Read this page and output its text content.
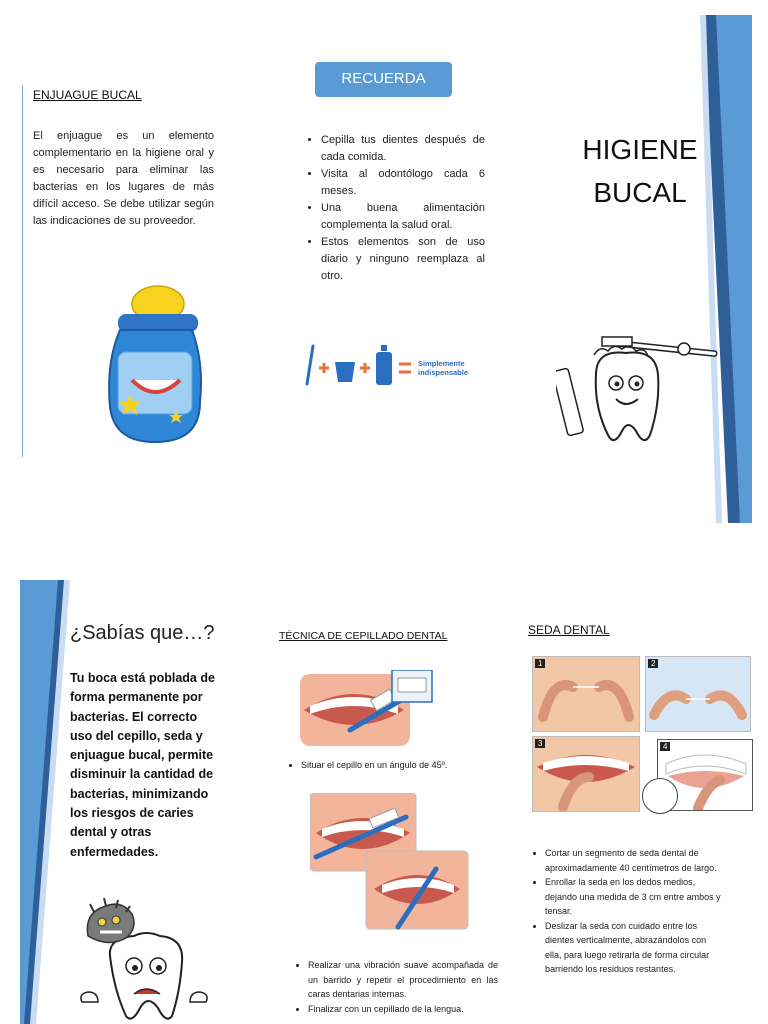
ENJUAGUE BUCAL
El enjuague es un elemento complementario en la higiene oral y es necesario para eliminar las bacterias en los lugares de más difícil acceso. Se debe utilizar según las indicaciones de su proveedor.
RECUERDA
• Cepilla tus dientes después de cada comida.
• Visita al odontólogo cada 6 meses.
• Una buena alimentación complementa la salud oral.
• Estos elementos son de uso diario y ninguno reemplaza al otro.
Simplemente
indispensable
HIGIENE
BUCAL
¿Sabías que…?
Tu boca está poblada de forma permanente por bacterias. El correcto uso del cepillo, seda y enjuague bucal, permite disminuir la cantidad de bacterias, minimizando los riesgos de caries dental y otras enfermedades.
TÉCNICA DE CEPILLADO DENTAL
• Situar el cepillo en un ángulo de 45º.
• Realizar una vibración suave acompañada de un barrido y repetir el procedimiento en las caras dentarias internas.
• Finalizar con un cepillado de la lengua.
SEDA DENTAL
1	2
3	4
• Cortar un segmento de seda dental de aproximadamente 40 centímetros de largo.
• Enrollar la seda en los dedos medios, dejando una medida de 3 cm entre ambos y tensar.
• Deslizar la seda con cuidado entre los dientes verticalmente, abrazándolos con ella, para luego retirarla de forma circular barriendo los residuos restantes.
